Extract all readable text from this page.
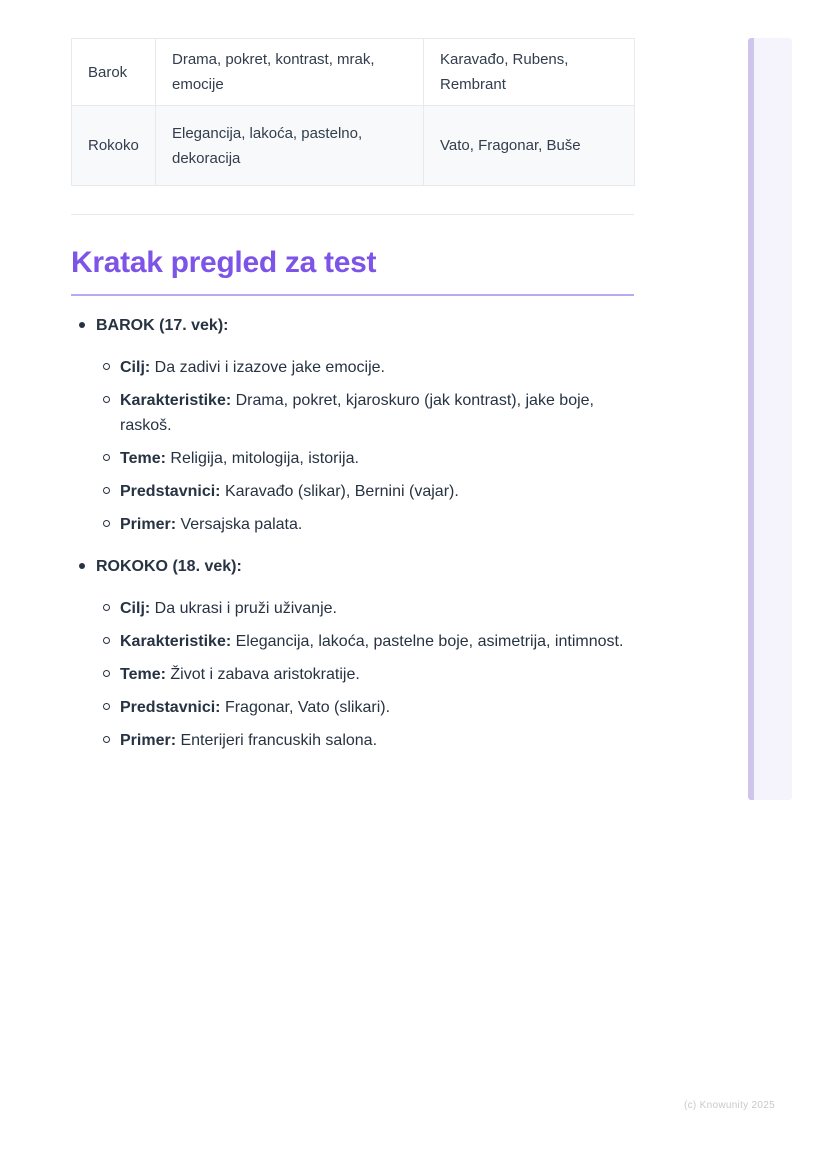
Barok	Drama, pokret, kontrast, mrak, emocije	Karavađo, Rubens, Rembrant
Rokoko	Elegancija, lakoća, pastelno, dekoracija	Vato, Fragonar, Buše
Kratak pregled za test
BAROK (17. vek):
Cilj: Da zadivi i izazove jake emocije.
Karakteristike: Drama, pokret, kjaroskuro (jak kontrast), jake boje, raskoš.
Teme: Religija, mitologija, istorija.
Predstavnici: Karavađo (slikar), Bernini (vajar).
Primer: Versajska palata.
ROKOKO (18. vek):
Cilj: Da ukrasi i pruži uživanje.
Karakteristike: Elegancija, lakoća, pastelne boje, asimetrija, intimnost.
Teme: Život i zabava aristokratije.
Predstavnici: Fragonar, Vato (slikari).
Primer: Enterijeri francuskih salona.
(c) Knowunity 2025
